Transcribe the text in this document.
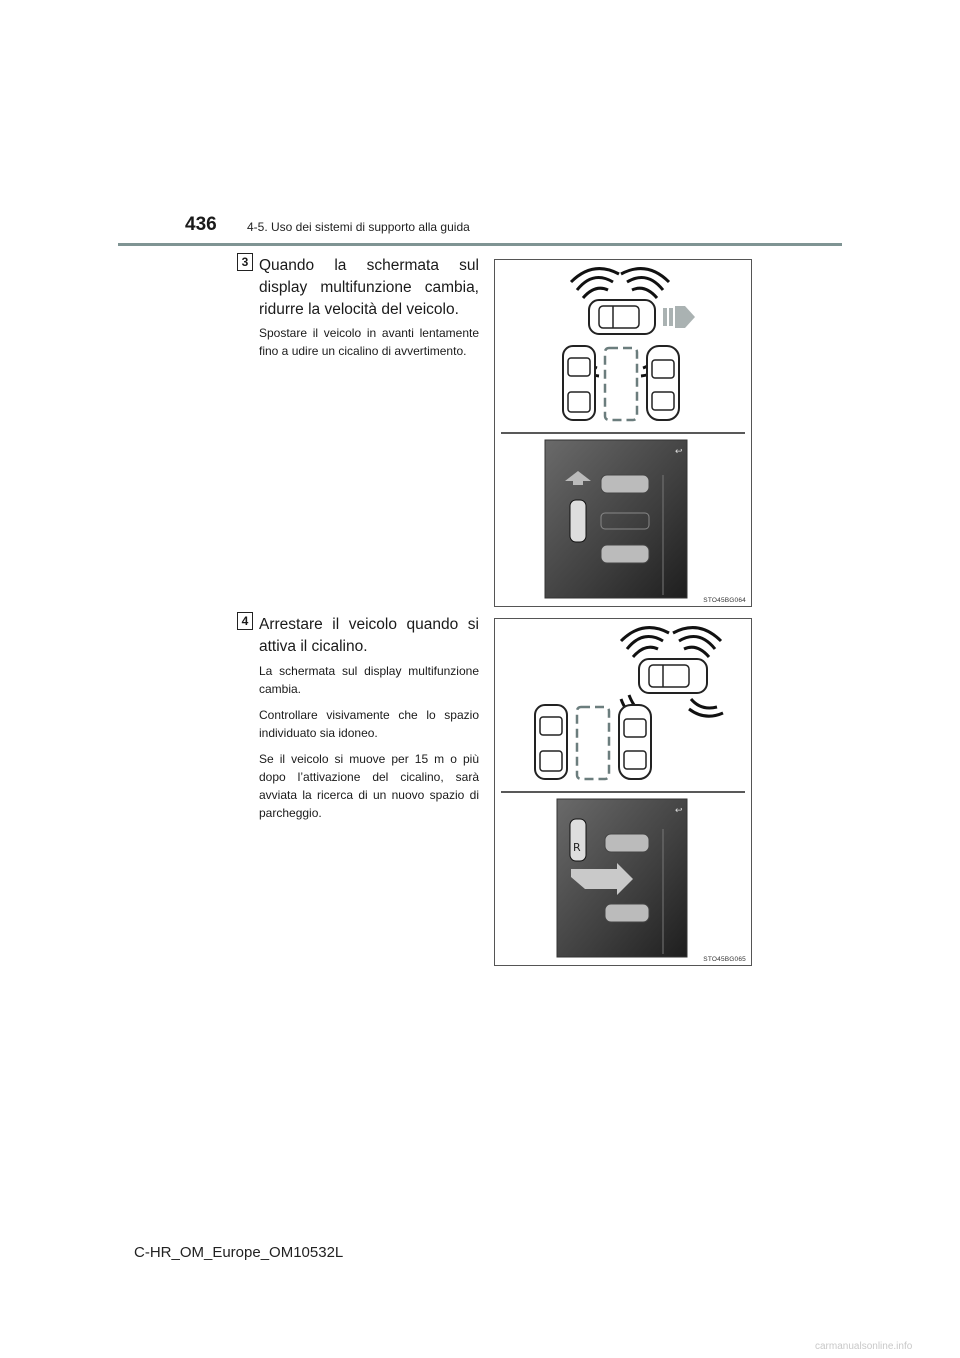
436	4-5. Uso dei sistemi di supporto alla guida
3 Quando la schermata sul
display multifunzione cambia,
ridurre la velocità del veicolo.
Spostare il veicolo in avanti lentamente fino a udire un cicalino di avvertimento.
↩
STO45BG064
4 Arrestare il veicolo quando si
attiva il cicalino.
La schermata sul display multifunzione cambia.
Controllare visivamente che lo spazio individuato sia idoneo.
Se il veicolo si muove per 15 m o più dopo l’attivazione del cicalino, sarà avviata la ricerca di un nuovo spazio di parcheggio.	↩
R
STO45BG065
C-HR_OM_Europe_OM10532L
carmanualsonline.info
